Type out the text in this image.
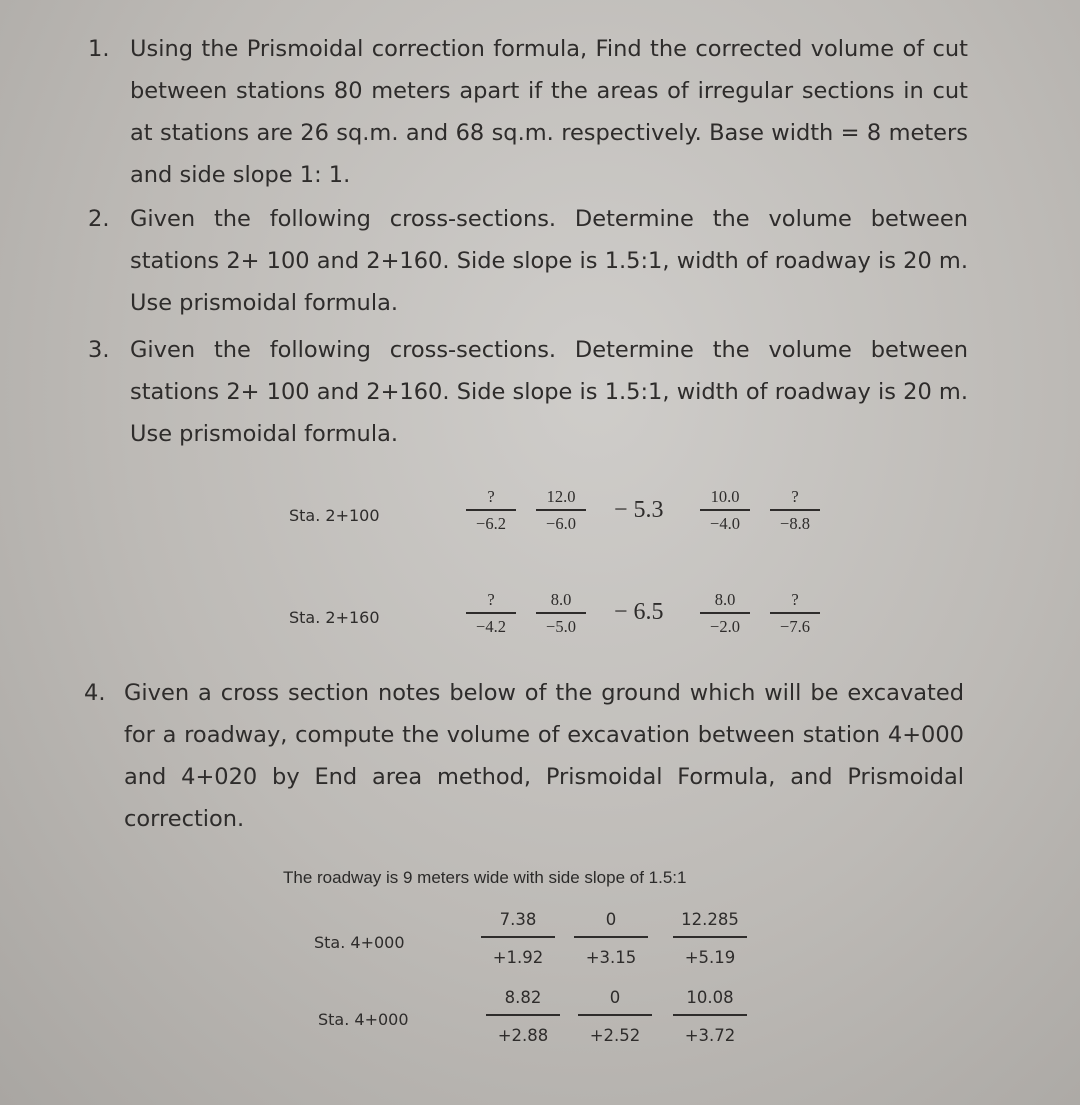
1. Using the Prismoidal correction formula, Find the corrected volume of cut between stations 80 meters apart if the areas of irregular sections in cut at stations are 26 sq.m. and 68 sq.m. respectively. Base width = 8 meters and side slope 1: 1.
2. Given the following cross-sections. Determine the volume between stations 2+ 100 and 2+160. Side slope is 1.5:1, width of roadway is 20 m. Use prismoidal formula.
3. Given the following cross-sections. Determine the volume between stations 2+ 100 and 2+160. Side slope is 1.5:1, width of roadway is 20 m. Use prismoidal formula.
Sta. 2+100
?
−6.2
12.0
−6.0
− 5.3
10.0
−4.0
?
−8.8
Sta. 2+160
?
−4.2
8.0
−5.0
− 6.5	8.0
−2.0
?
−7.6
4. Given a cross section notes below of the ground which will be excavated for a roadway, compute the volume of excavation between station 4+000 and 4+020 by End area method, Prismoidal Formula, and Prismoidal correction.
The roadway is 9 meters wide with side slope of 1.5:1
Sta. 4+000
7.38
+1.92
0
+3.15
12.285
+5.19
Sta. 4+000
8.82
+2.88
0
+2.52
10.08
+3.72
